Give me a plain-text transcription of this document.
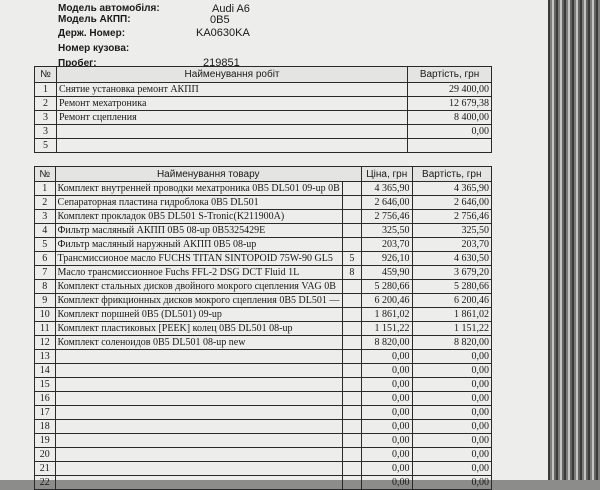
Модель автомобіля:	Audi A6
Модель АКПП:	0B5
Держ. Номер:	KA0630KA
Номер кузова:
Пробег:	219851
№	Найменування робіт	Вартість, грн
1	Снятие установка ремонт АКПП	29 400,00
2	Ремонт мехатроника	12 679,38
3	Ремонт сцепления	8 400,00
3		0,00
5		
№	Найменування товару		Ціна, грн	Вартість, грн
1	Комплект внутренней проводки мехатроника 0B5 DL501 09-up 0B		4 365,90	4 365,90
2	Сепараторная пластина гидроблока 0B5 DL501		2 646,00	2 646,00
3	Комплект прокладок 0B5 DL501 S-Tronic(K211900A)		2 756,46	2 756,46
4	Фильтр масляный АКПП 0B5 08-up 0B5325429E		325,50	325,50
5	Фильтр масляный наружный АКПП 0B5 08-up		203,70	203,70
6	Трансмиссионое масло FUCHS TITAN SINTOPOID 75W-90 GL5	5	926,10	4 630,50
7	Масло трансмиссионное Fuchs FFL-2 DSG DCT Fluid 1L	8	459,90	3 679,20
8	Комплект стальных дисков двойного мокрого сцепления VAG 0B		5 280,66	5 280,66
9	Комплект фрикционных дисков мокрого сцепления 0B5 DL501 —		6 200,46	6 200,46
10	Комплект поршней 0B5 (DL501) 09-up		1 861,02	1 861,02
11	Комплект пластиковых [PEEK] колец 0B5 DL501 08-up		1 151,22	1 151,22
12	Комплект соленоидов 0B5 DL501 08-up new		8 820,00	8 820,00
13			0,00	0,00
14			0,00	0,00
15			0,00	0,00
16			0,00	0,00
17			0,00	0,00
18			0,00	0,00
19			0,00	0,00
20			0,00	0,00
21			0,00	0,00
22			0,00	0,00
